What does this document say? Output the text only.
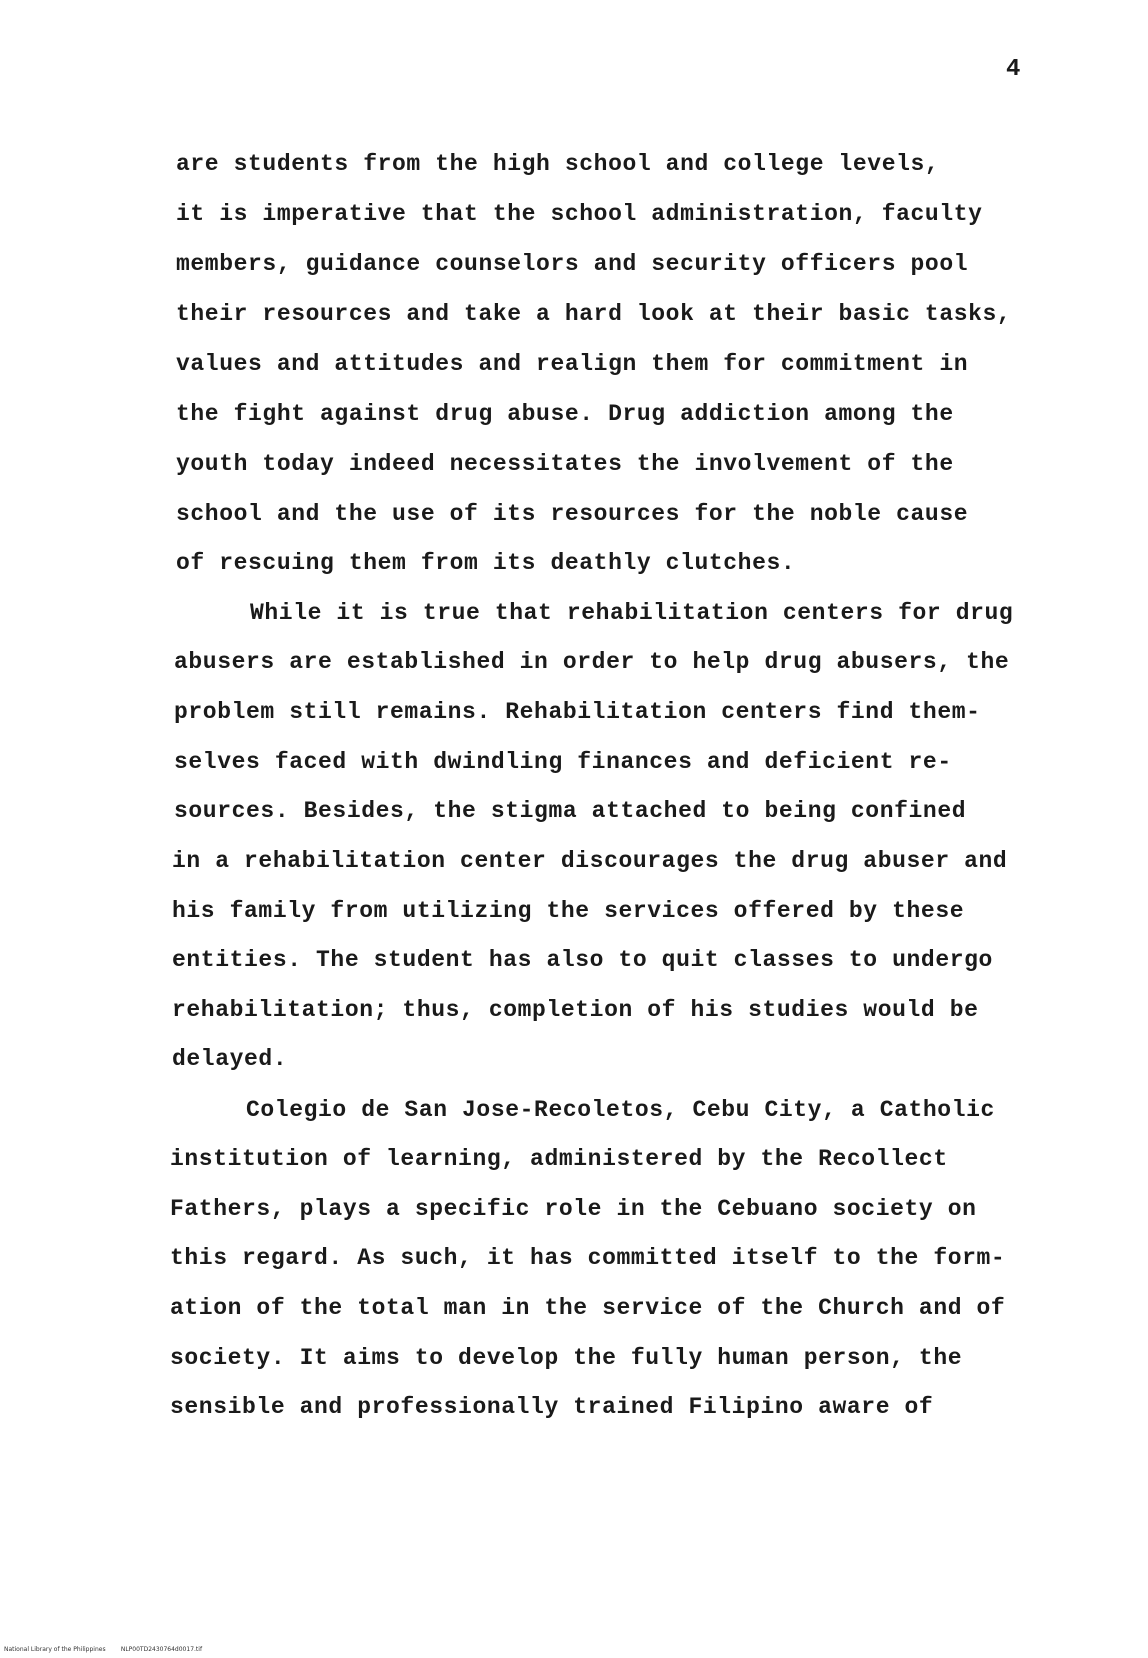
4
are students from the high school and college levels,
it is imperative that the school administration, faculty
members, guidance counselors and security officers pool
their resources and take a hard look at their basic tasks,
values and attitudes and realign them for commitment in
the fight against drug abuse. Drug addiction among the
youth today indeed necessitates the involvement of the
school and the use of its resources for the noble cause
of rescuing them from its deathly clutches.
While it is true that rehabilitation centers for drug
abusers are established in order to help drug abusers, the
problem still remains. Rehabilitation centers find them-
selves faced with dwindling finances and deficient re-
sources. Besides, the stigma attached to being confined
in a rehabilitation center discourages the drug abuser and
his family from utilizing the services offered by these
entities. The student has also to quit classes to undergo
rehabilitation; thus, completion of his studies would be
delayed.
Colegio de San Jose-Recoletos, Cebu City, a Catholic
institution of learning, administered by the Recollect
Fathers, plays a specific role in the Cebuano society on
this regard. As such, it has committed itself to the form-
ation of the total man in the service of the Church and of
society. It aims to develop the fully human person, the
sensible and professionally trained Filipino aware of
National Library of the Philippines	NLP00TD2430764d0017.tif
